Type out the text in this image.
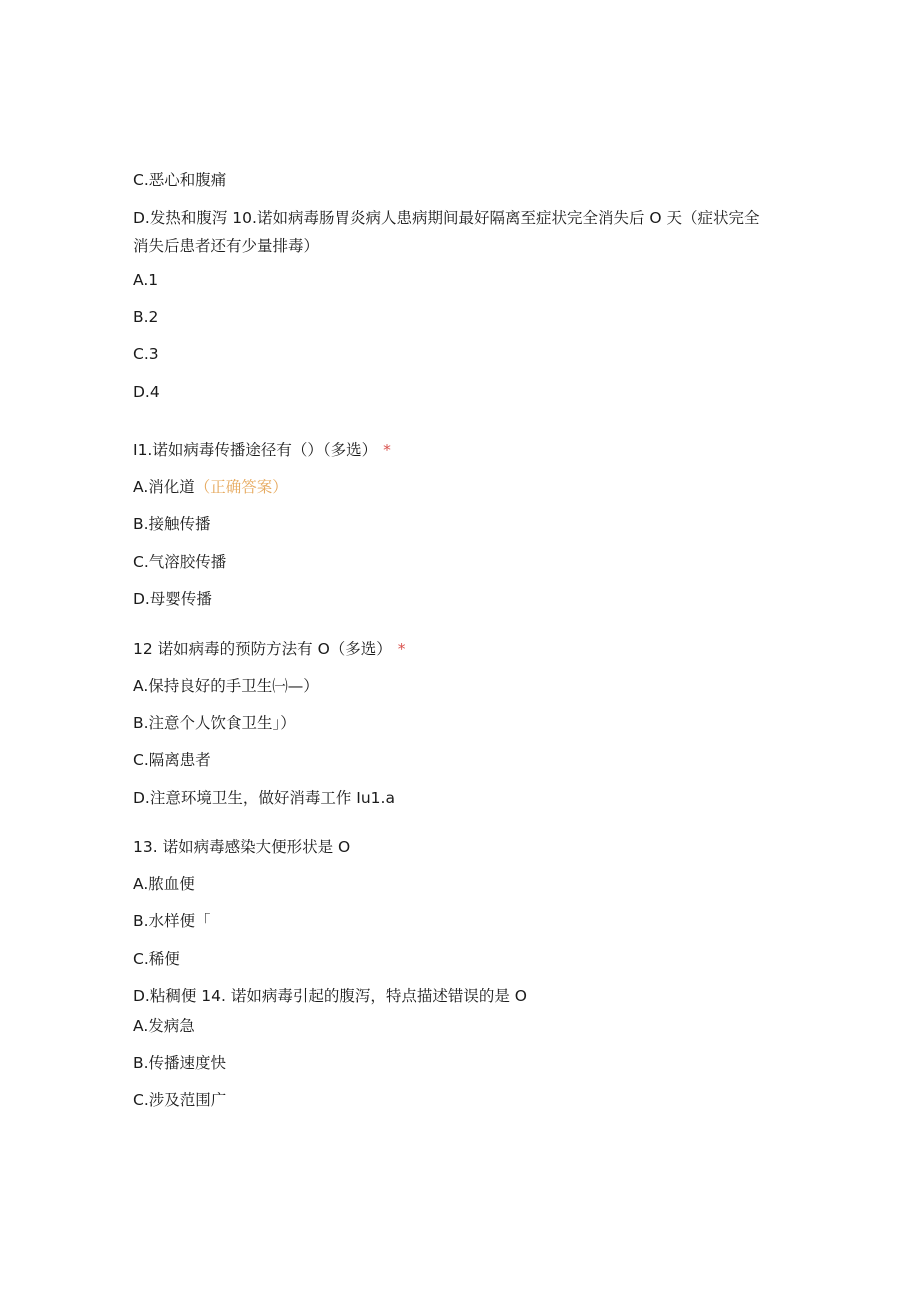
C.恶心和腹痛
D.发热和腹泻 10.诺如病毒肠胃炎病人患病期间最好隔离至症状完全消失后 O 天（症状完全消失后患者还有少量排毒）
A.1
B.2
C.3
D.4
I1.诺如病毒传播途径有（）（多选） *
A.消化道（正确答案）
B.接触传播
C.气溶胶传播
D.母婴传播
12 诺如病毒的预防方法有 O（多选） *
A.保持良好的手卫生㈠—）
B.注意个人饮食卫生」）
C.隔离患者
D.注意环境卫生，做好消毒工作 Iu1.a
13. 诺如病毒感染大便形状是 O
A.脓血便
B.水样便「
C.稀便
D.粘稠便 14. 诺如病毒引起的腹泻，特点描述错误的是 O
A.发病急
B.传播速度快
C.涉及范围广
